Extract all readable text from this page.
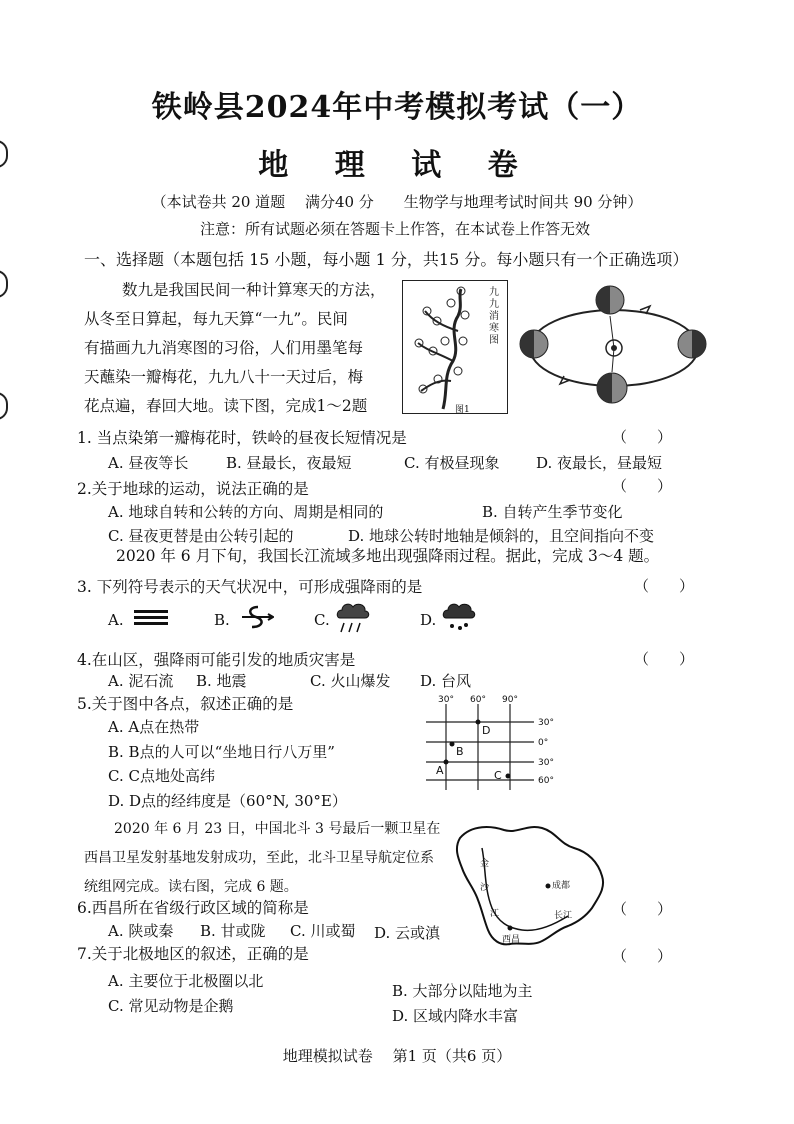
铁岭县2024年中考模拟考试（一）
地 理 试 卷
（本试卷共 20 道题　 满分40 分　　生物学与地理考试时间共 90 分钟）
注意：所有试题必须在答题卡上作答，在本试卷上作答无效
一、选择题（本题包括 15 小题，每小题 1 分，共15 分。每小题只有一个正确选项）
数九是我国民间一种计算寒天的方法，
从冬至日算起，每九天算“一九”。民间
有描画九九消寒图的习俗，人们用墨笔每
天蘸染一瓣梅花，九九八十一天过后，梅
花点遍，春回大地。读下图，完成1～2题
九九消寒图
图1
1. 当点染第一瓣梅花时，铁岭的昼夜长短情况是	（　　）
A. 昼夜等长	B. 昼最长，夜最短	C. 有极昼现象 D. 夜最长，昼最短
2.关于地球的运动，说法正确的是	（　　）
A. 地球自转和公转的方向、周期是相同的	B. 自转产生季节变化
C. 昼夜更替是由公转引起的	D. 地球公转时地轴是倾斜的，且空间指向不变
2020 年 6 月下旬，我国长江流域多地出现强降雨过程。据此，完成 3～4 题。
3. 下列符号表示的天气状况中，可形成强降雨的是	（　　）
A.	B.	C.	D.
4.在山区，强降雨可能引发的地质灾害是	（　　）
A. 泥石流 B. 地震	C. 火山爆发 D. 台风
5.关于图中各点，叙述正确的是
A. A点在热带
B. B点的人可以“坐地日行八万里”
C. C点地处高纬
D. D点的经纬度是（60°N, 30°E）
30° 60° 90°
30°
0°
30°
60°
A
B
C
D
2020 年 6 月 23 日，中国北斗 3 号最后一颗卫星在
西昌卫星发射基地发射成功，至此，北斗卫星导航定位系
统组网完成。读右图，完成 6 题。
金
沙	成都
江	长江
西昌
6.西昌所在省级行政区域的简称是	（　　）
A. 陕或秦 B. 甘或陇 C. 川或蜀 D. 云或滇
7.关于北极地区的叙述，正确的是	（　　）
A. 主要位于北极圈以北
B. 大部分以陆地为主
C. 常见动物是企鹅
D. 区域内降水丰富
地理模拟试卷　 第1 页（共6 页）
